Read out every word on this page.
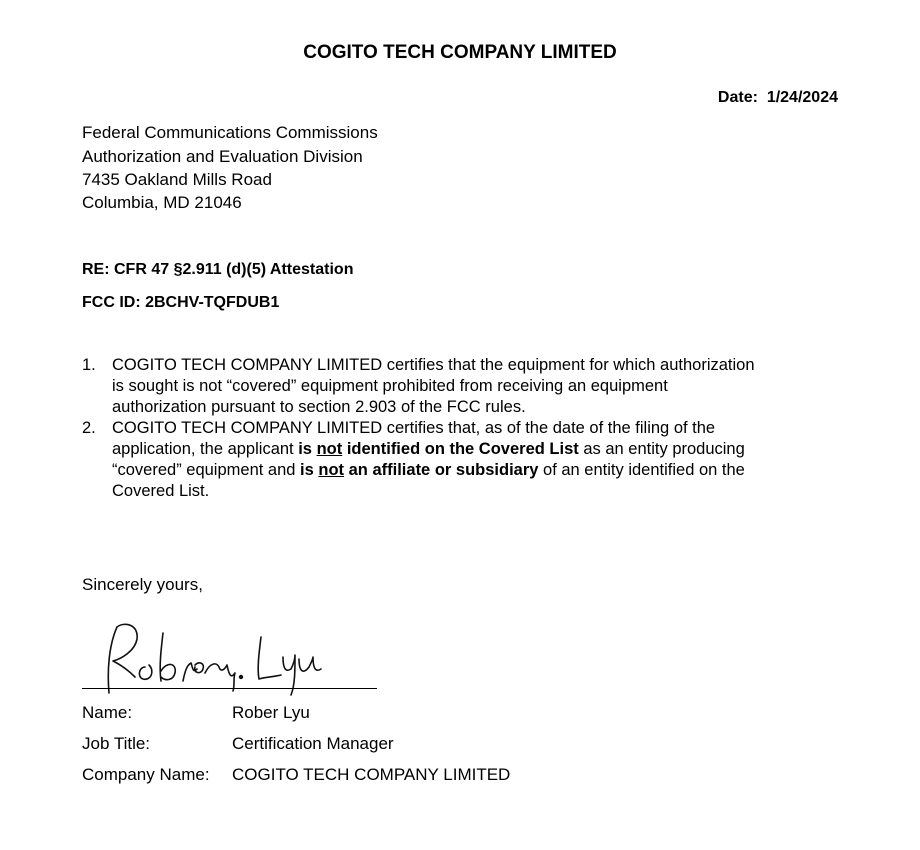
COGITO TECH COMPANY LIMITED
Date: 1/24/2024
Federal Communications Commissions
Authorization and Evaluation Division
7435 Oakland Mills Road
Columbia, MD 21046
RE: CFR 47 §2.911 (d)(5) Attestation
FCC ID: 2BCHV-TQFDUB1
1. COGITO TECH COMPANY LIMITED certifies that the equipment for which authorization
is sought is not “covered” equipment prohibited from receiving an equipment
authorization pursuant to section 2.903 of the FCC rules.
2. COGITO TECH COMPANY LIMITED certifies that, as of the date of the filing of the
application, the applicant is not identified on the Covered List as an entity producing
“covered” equipment and is not an affiliate or subsidiary of an entity identified on the
Covered List.
Sincerely yours,
Name:	Rober Lyu
Job Title:	Certification Manager
Company Name: COGITO TECH COMPANY LIMITED
